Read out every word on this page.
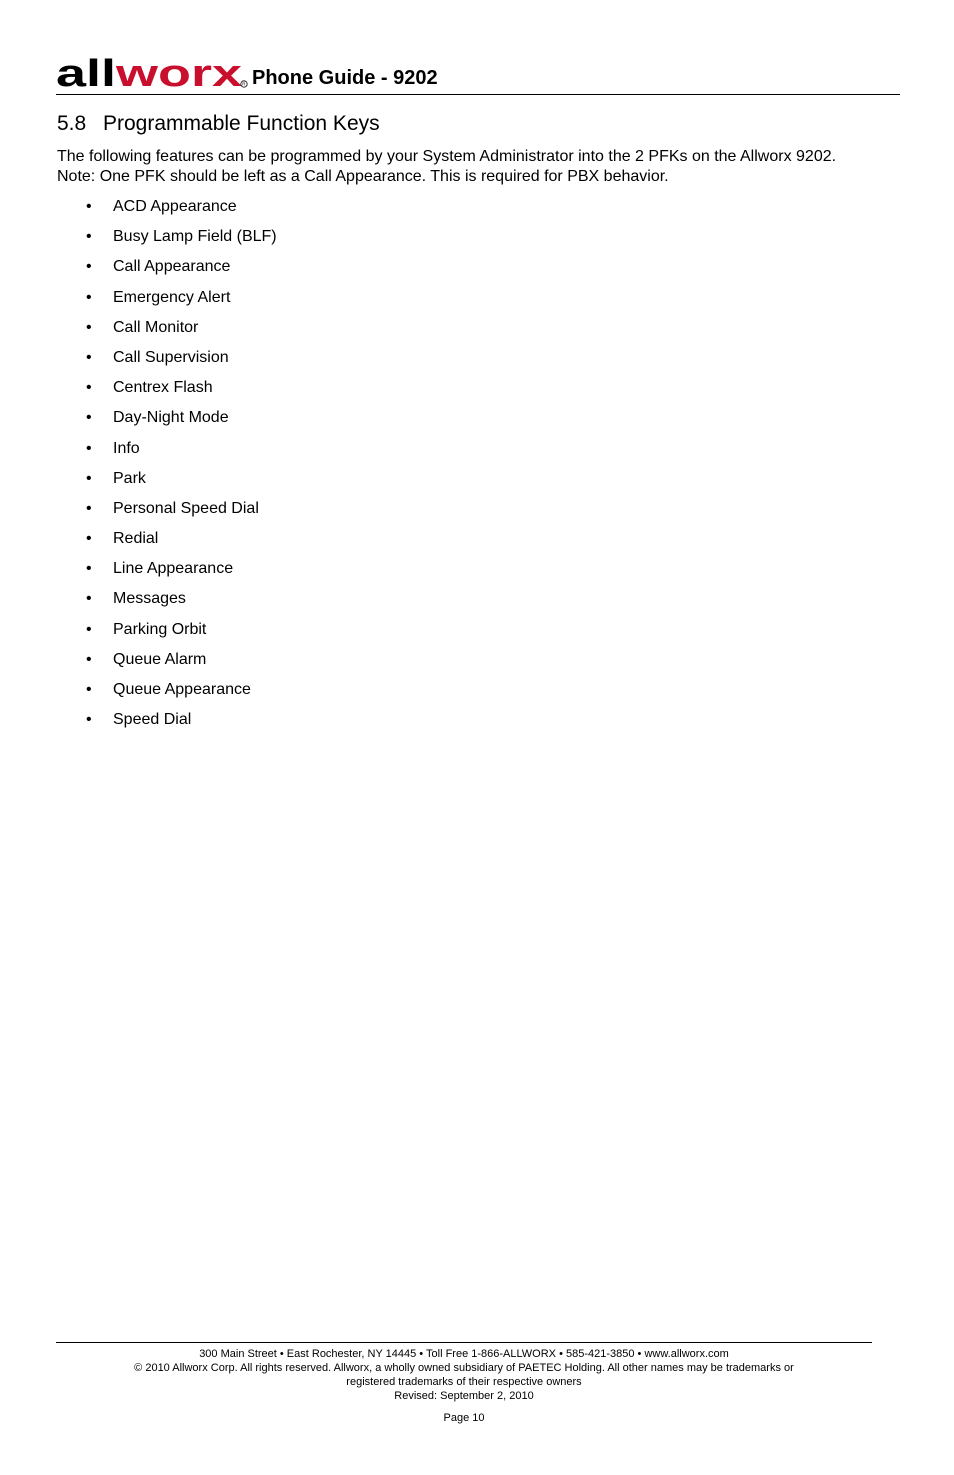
all worx	R Phone Guide - 9202
5.8 Programmable Function Keys

The following features can be programmed by your System Administrator into the 2 PFKs on the Allworx 9202.

Note: One PFK should be left as a Call Appearance. This is required for PBX behavior.

• ACD Appearance
• Busy Lamp Field (BLF)
• Call Appearance
• Emergency Alert
• Call Monitor
• Call Supervision
• Centrex Flash
• Day-Night Mode
• Info
• Park
• Personal Speed Dial
• Redial
• Line Appearance
• Messages
• Parking Orbit
• Queue Alarm
• Queue Appearance
• Speed Dial
300 Main Street • East Rochester, NY 14445 • Toll Free 1-866-ALLWORX • 585-421-3850 • www.allworx.com
© 2010 Allworx Corp. All rights reserved. Allworx, a wholly owned subsidiary of PAETEC Holding. All other names may be trademarks or
registered trademarks of their respective owners
Revised: September 2, 2010
Page 10
